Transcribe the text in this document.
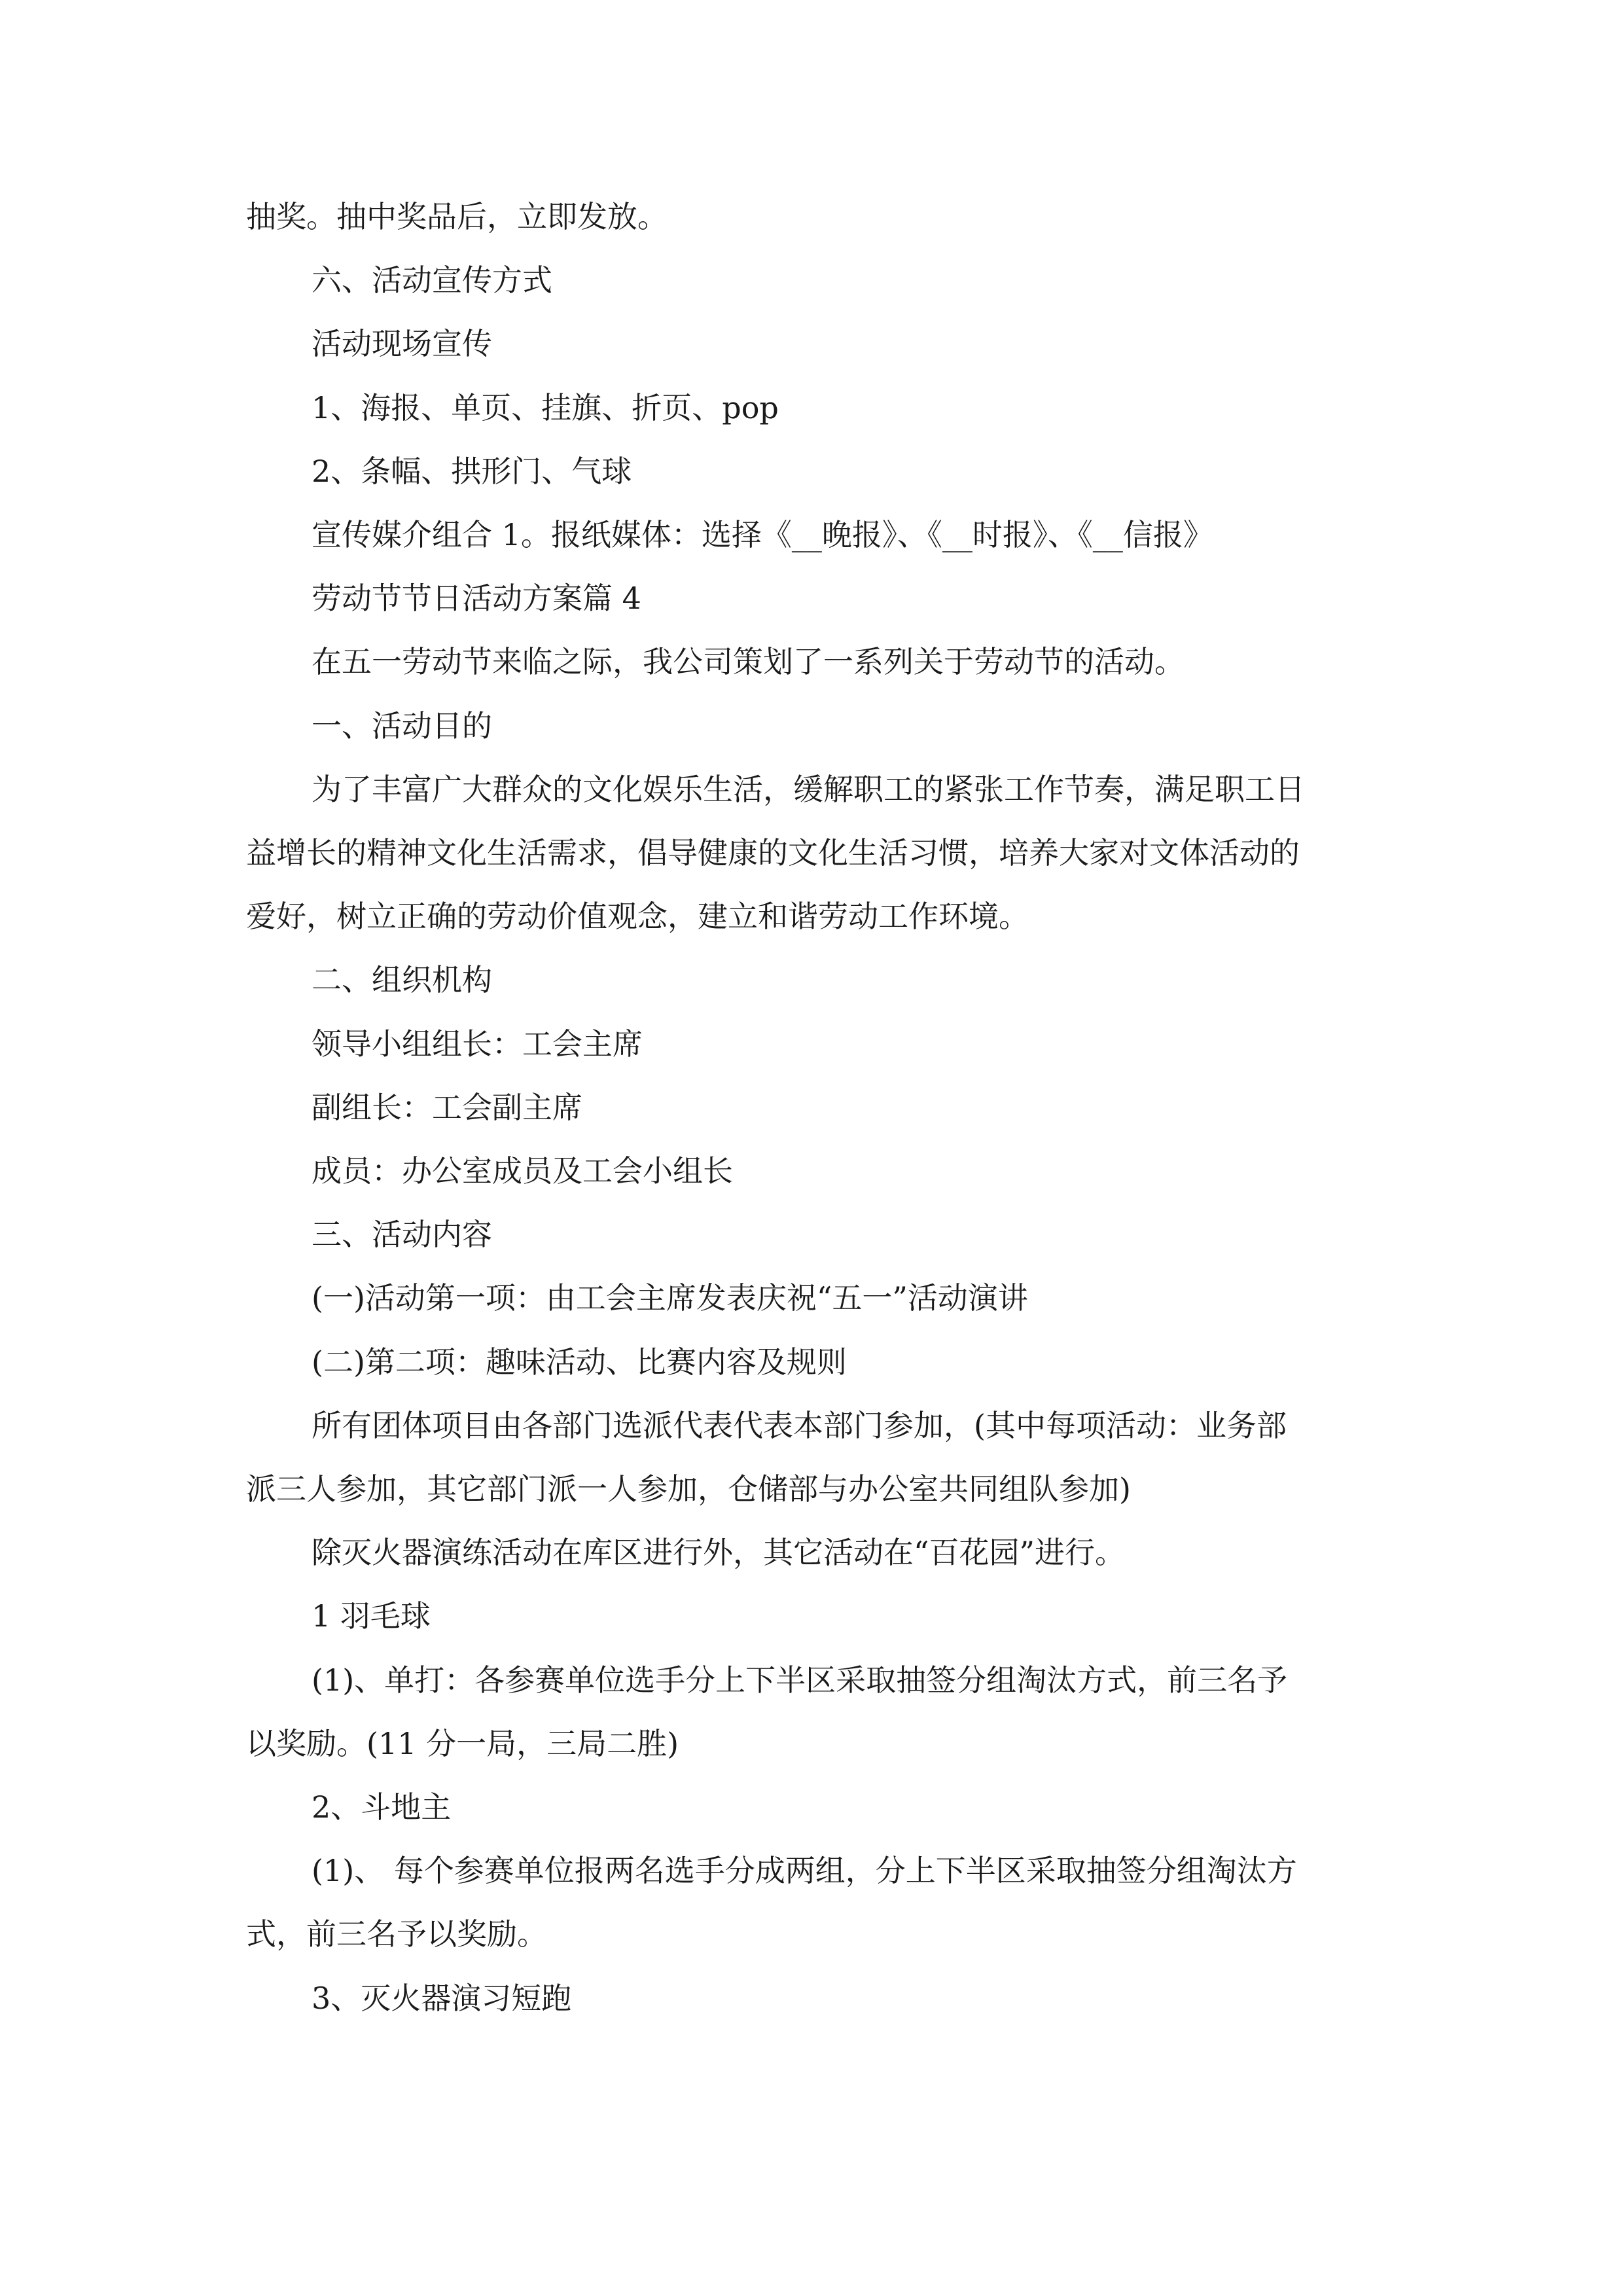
抽奖。抽中奖品后，立即发放。
六、活动宣传方式
活动现场宣传
1、海报、单页、挂旗、折页、pop
2、条幅、拱形门、气球
宣传媒介组合 1。报纸媒体：选择《__晚报》、《__时报》、《__信报》
劳动节节日活动方案篇 4
在五一劳动节来临之际，我公司策划了一系列关于劳动节的活动。
一、活动目的
为了丰富广大群众的文化娱乐生活，缓解职工的紧张工作节奏，满足职工日
益增长的精神文化生活需求，倡导健康的文化生活习惯，培养大家对文体活动的
爱好，树立正确的劳动价值观念，建立和谐劳动工作环境。
二、组织机构
领导小组组长：工会主席
副组长：工会副主席
成员：办公室成员及工会小组长
三、活动内容
(一)活动第一项：由工会主席发表庆祝“五一”活动演讲
(二)第二项：趣味活动、比赛内容及规则
所有团体项目由各部门选派代表代表本部门参加，(其中每项活动：业务部
派三人参加，其它部门派一人参加，仓储部与办公室共同组队参加)
除灭火器演练活动在库区进行外，其它活动在“百花园”进行。
1 羽毛球
(1)、单打：各参赛单位选手分上下半区采取抽签分组淘汰方式，前三名予
以奖励。(11 分一局，三局二胜)
2、斗地主
(1)、 每个参赛单位报两名选手分成两组，分上下半区采取抽签分组淘汰方
式，前三名予以奖励。
3、灭火器演习短跑
